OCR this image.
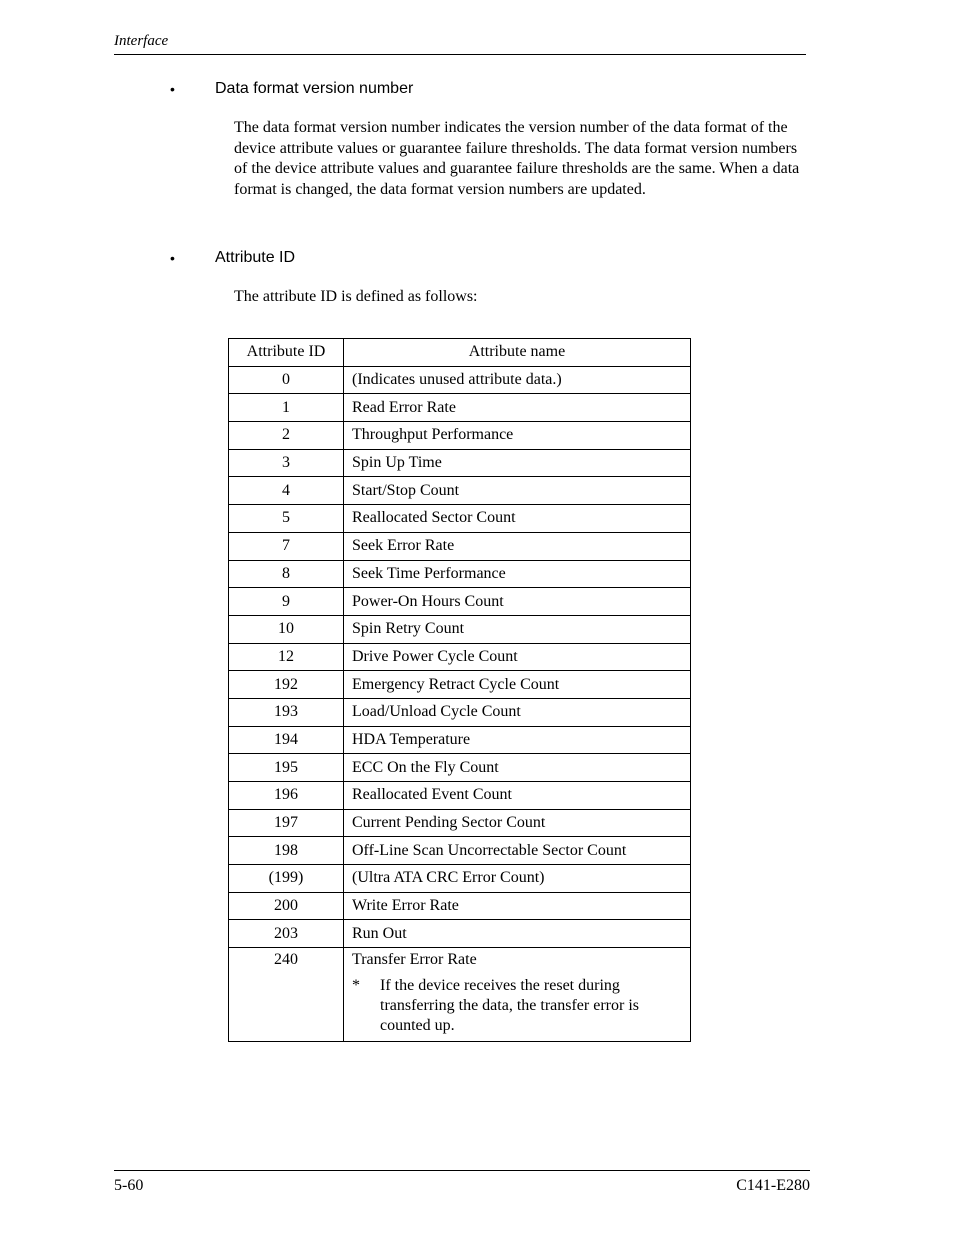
Interface
•	Data format version number
The data format version number indicates the version number of the data format of the device attribute values or guarantee failure thresholds. The data format version numbers of the device attribute values and guarantee failure thresholds are the same. When a data format is changed, the data format version numbers are updated.
•	Attribute ID
The attribute ID is defined as follows:
Attribute ID	Attribute name
0	(Indicates unused attribute data.)
1	Read Error Rate
2	Throughput Performance
3	Spin Up Time
4	Start/Stop Count
5	Reallocated Sector Count
7	Seek Error Rate
8	Seek Time Performance
9	Power-On Hours Count
10	Spin Retry Count
12	Drive Power Cycle Count
192	Emergency Retract Cycle Count
193	Load/Unload Cycle Count
194	HDA Temperature
195	ECC On the Fly Count
196	Reallocated Event Count
197	Current Pending Sector Count
198	Off-Line Scan Uncorrectable Sector Count
(199)	(Ultra ATA CRC Error Count)
200	Write Error Rate
203	Run Out
240	Transfer Error Rate
* If the device receives the reset during transferring the data, the transfer error is counted up.
5-60	C141-E280
